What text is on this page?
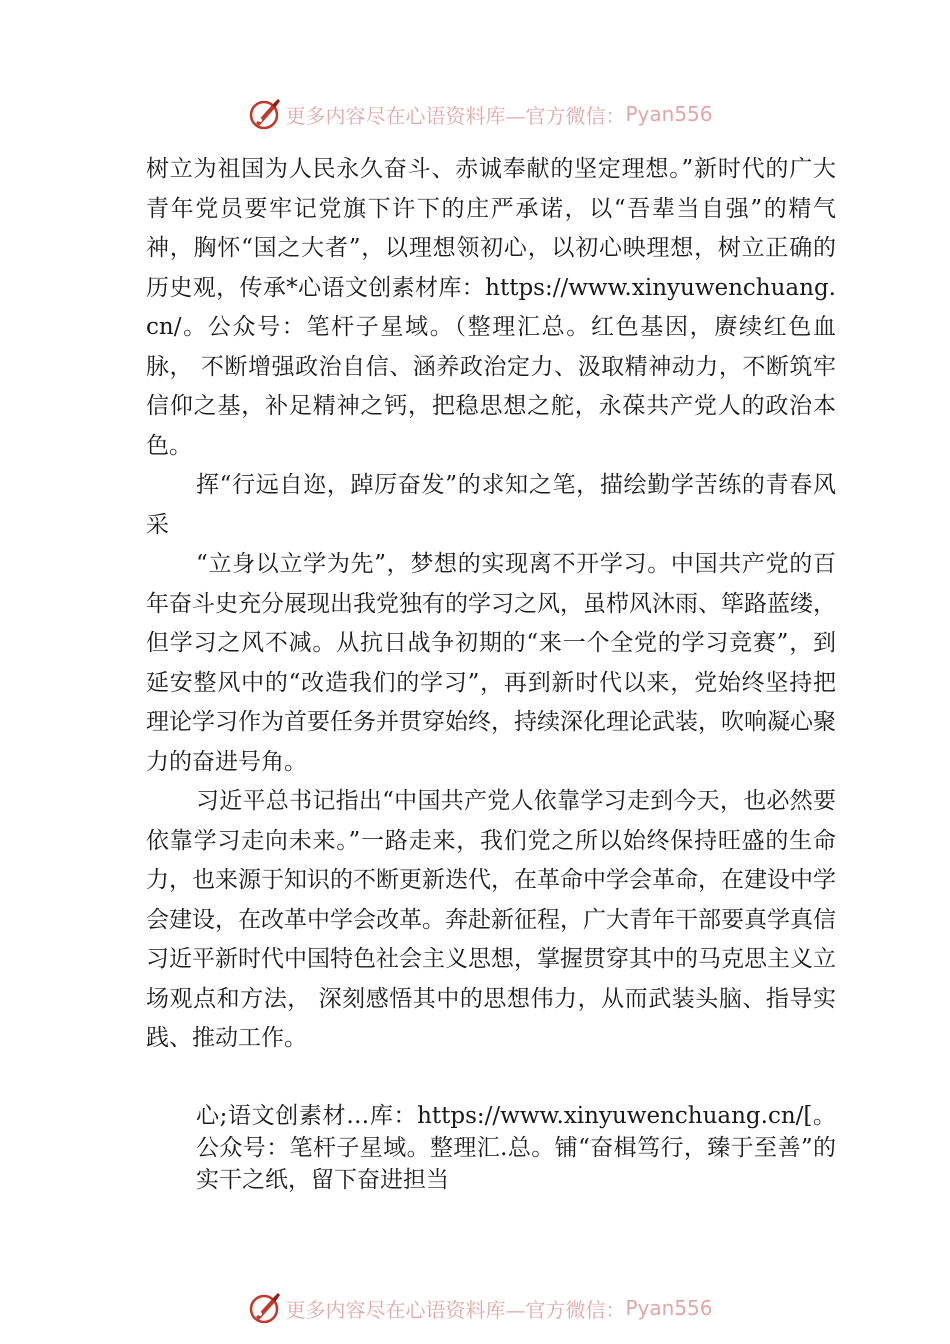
更多内容尽在心语资料库—官方微信： Pyan556

树立为祖国为人民永久奋斗、赤诚奉献的坚定理想。”新时代的广大青年党员要牢记党旗下许下的庄严承诺，以“吾辈当自强”的精气神，胸怀“国之大者”，以理想领初心，以初心映理想，树立正确的历史观，传承*心语文创素材库：https://www.xinyuwenchuang.cn/。公众号：笔杆子星域。（整理汇总。红色基因，赓续红色血脉， 不断增强政治自信、涵养政治定力、汲取精神动力，不断筑牢信仰之基，补足精神之钙，把稳思想之舵，永葆共产党人的政治本色。

挥“行远自迩，踔厉奋发”的求知之笔，描绘勤学苦练的青春风采

“立身以立学为先”，梦想的实现离不开学习。中国共产党的百年奋斗史充分展现出我党独有的学习之风，虽栉风沐雨、筚路蓝缕，但学习之风不减。从抗日战争初期的“来一个全党的学习竞赛”，到延安整风中的“改造我们的学习”，再到新时代以来，党始终坚持把理论学习作为首要任务并贯穿始终，持续深化理论武装，吹响凝心聚力的奋进号角。

习近平总书记指出“中国共产党人依靠学习走到今天，也必然要依靠学习走向未来。”一路走来，我们党之所以始终保持旺盛的生命力，也来源于知识的不断更新迭代，在革命中学会革命，在建设中学会建设，在改革中学会改革。奔赴新征程，广大青年干部要真学真信习近平新时代中国特色社会主义思想，掌握贯穿其中的马克思主义立场观点和方法， 深刻感悟其中的思想伟力，从而武装头脑、指导实践、推动工作。

心;语文创素材…库：https://www.xinyuwenchuang.cn/[。公众号：笔杆子星域。整理汇.总。铺“奋楫笃行，臻于至善”的实干之纸，留下奋进担当

更多内容尽在心语资料库—官方微信： Pyan556
